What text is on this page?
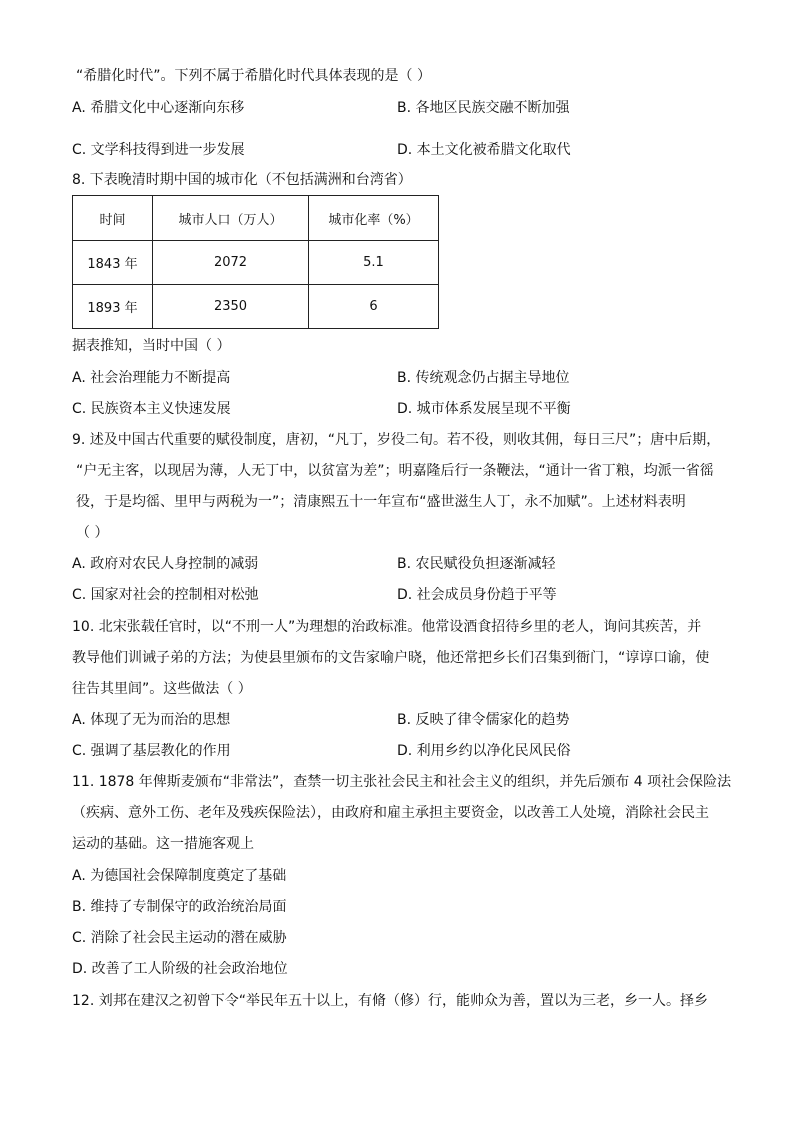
“希腊化时代”。下列不属于希腊化时代具体表现的是（ ）
A. 希腊文化中心逐渐向东移	B. 各地区民族交融不断加强
C. 文学科技得到进一步发展	D. 本土文化被希腊文化取代
8. 下表晚清时期中国的城市化（不包括满洲和台湾省）
时间	城市人口（万人）	城市化率（%）
1843 年	2072	5.1
1893 年	2350	6
据表推知，当时中国（ ）
A. 社会治理能力不断提高	B. 传统观念仍占据主导地位
C. 民族资本主义快速发展	D. 城市体系发展呈现不平衡
9. 述及中国古代重要的赋役制度，唐初，“凡丁，岁役二旬。若不役，则收其佣，每日三尺”；唐中后期，
“户无主客，以现居为薄，人无丁中，以贫富为差”；明嘉隆后行一条鞭法，“通计一省丁粮，均派一省徭
役，于是均徭、里甲与两税为一”；清康熙五十一年宣布“盛世滋生人丁，永不加赋”。上述材料表明
（ ）
A. 政府对农民人身控制的减弱	B. 农民赋役负担逐渐减轻
C. 国家对社会的控制相对松弛	D. 社会成员身份趋于平等
10. 北宋张载任官时，以“不刑一人”为理想的治政标准。他常设酒食招待乡里的老人，询问其疾苦，并
教导他们训诫子弟的方法；为使县里颁布的文告家喻户晓，他还常把乡长们召集到衙门，“谆谆口谕，使
往告其里闾”。这些做法（ ）
A. 体现了无为而治的思想	B. 反映了律令儒家化的趋势
C. 强调了基层教化的作用	D. 利用乡约以净化民风民俗
11. 1878 年俾斯麦颁布“非常法”，查禁一切主张社会民主和社会主义的组织，并先后颁布 4 项社会保险法
（疾病、意外工伤、老年及残疾保险法），由政府和雇主承担主要资金，以改善工人处境，消除社会民主
运动的基础。这一措施客观上
A. 为德国社会保障制度奠定了基础
B. 维持了专制保守的政治统治局面
C. 消除了社会民主运动的潜在威胁
D. 改善了工人阶级的社会政治地位
12. 刘邦在建汉之初曾下令“举民年五十以上，有脩（修）行，能帅众为善，置以为三老，乡一人。择乡
